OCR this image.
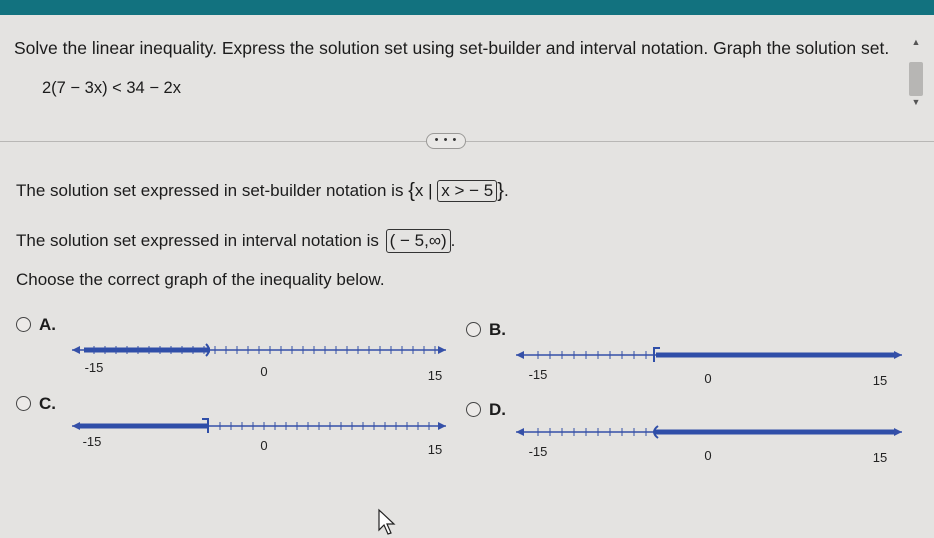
Solve the linear inequality. Express the solution set using set-builder and interval notation. Graph the solution set.
2(7 − 3x) < 34 − 2x
▲
▼
• • •
The solution set expressed in set-builder notation is {x | x > − 5 }.
The solution set expressed in interval notation is ( − 5,∞) .
Choose the correct graph of the inequality below.
A.
-15	0	15
B.
-15	0	15
C.
-15	0	15
D.
-15	0	15
